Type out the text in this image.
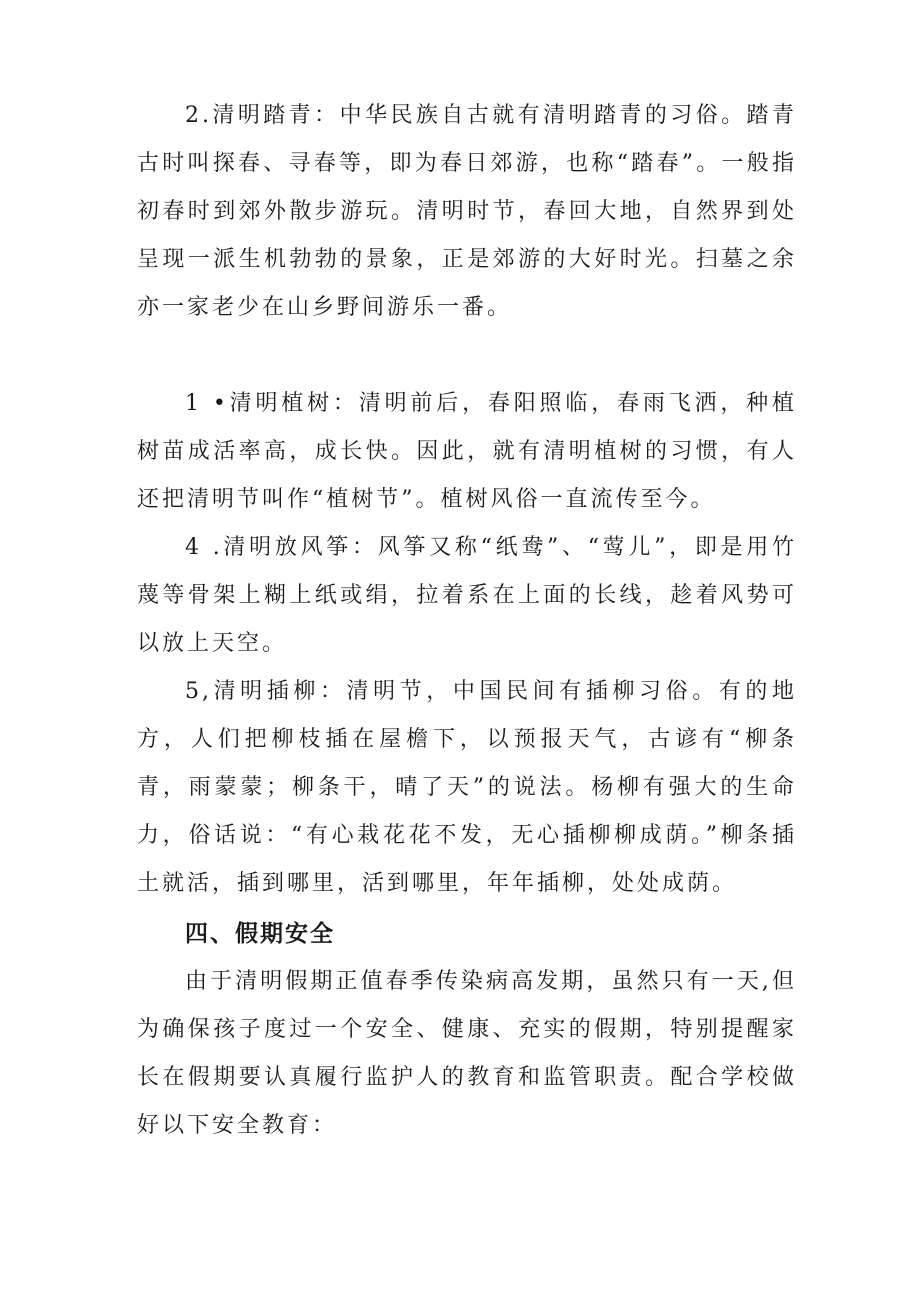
2.清明踏青：中华民族自古就有清明踏青的习俗。踏青古时叫探春、寻春等，即为春日郊游，也称“踏春”。一般指初春时到郊外散步游玩。清明时节，春回大地，自然界到处呈现一派生机勃勃的景象，正是郊游的大好时光。扫墓之余亦一家老少在山乡野间游乐一番。

1 •清明植树：清明前后，春阳照临，春雨飞洒，种植树苗成活率高，成长快。因此，就有清明植树的习惯，有人还把清明节叫作“植树节”。植树风俗一直流传至今。

4 .清明放风筝：风筝又称“纸鸯”、“莺儿”，即是用竹蔑等骨架上糊上纸或绢，拉着系在上面的长线，趁着风势可以放上天空。

5,清明插柳：清明节，中国民间有插柳习俗。有的地方，人们把柳枝插在屋檐下，以预报天气，古谚有“柳条青，雨蒙蒙；柳条干，晴了天”的说法。杨柳有强大的生命力，俗话说：“有心栽花花不发，无心插柳柳成荫。”柳条插土就活，插到哪里，活到哪里，年年插柳，处处成荫。

四、假期安全

由于清明假期正值春季传染病高发期，虽然只有一天,但为确保孩子度过一个安全、健康、充实的假期，特别提醒家长在假期要认真履行监护人的教育和监管职责。配合学校做好以下安全教育：
